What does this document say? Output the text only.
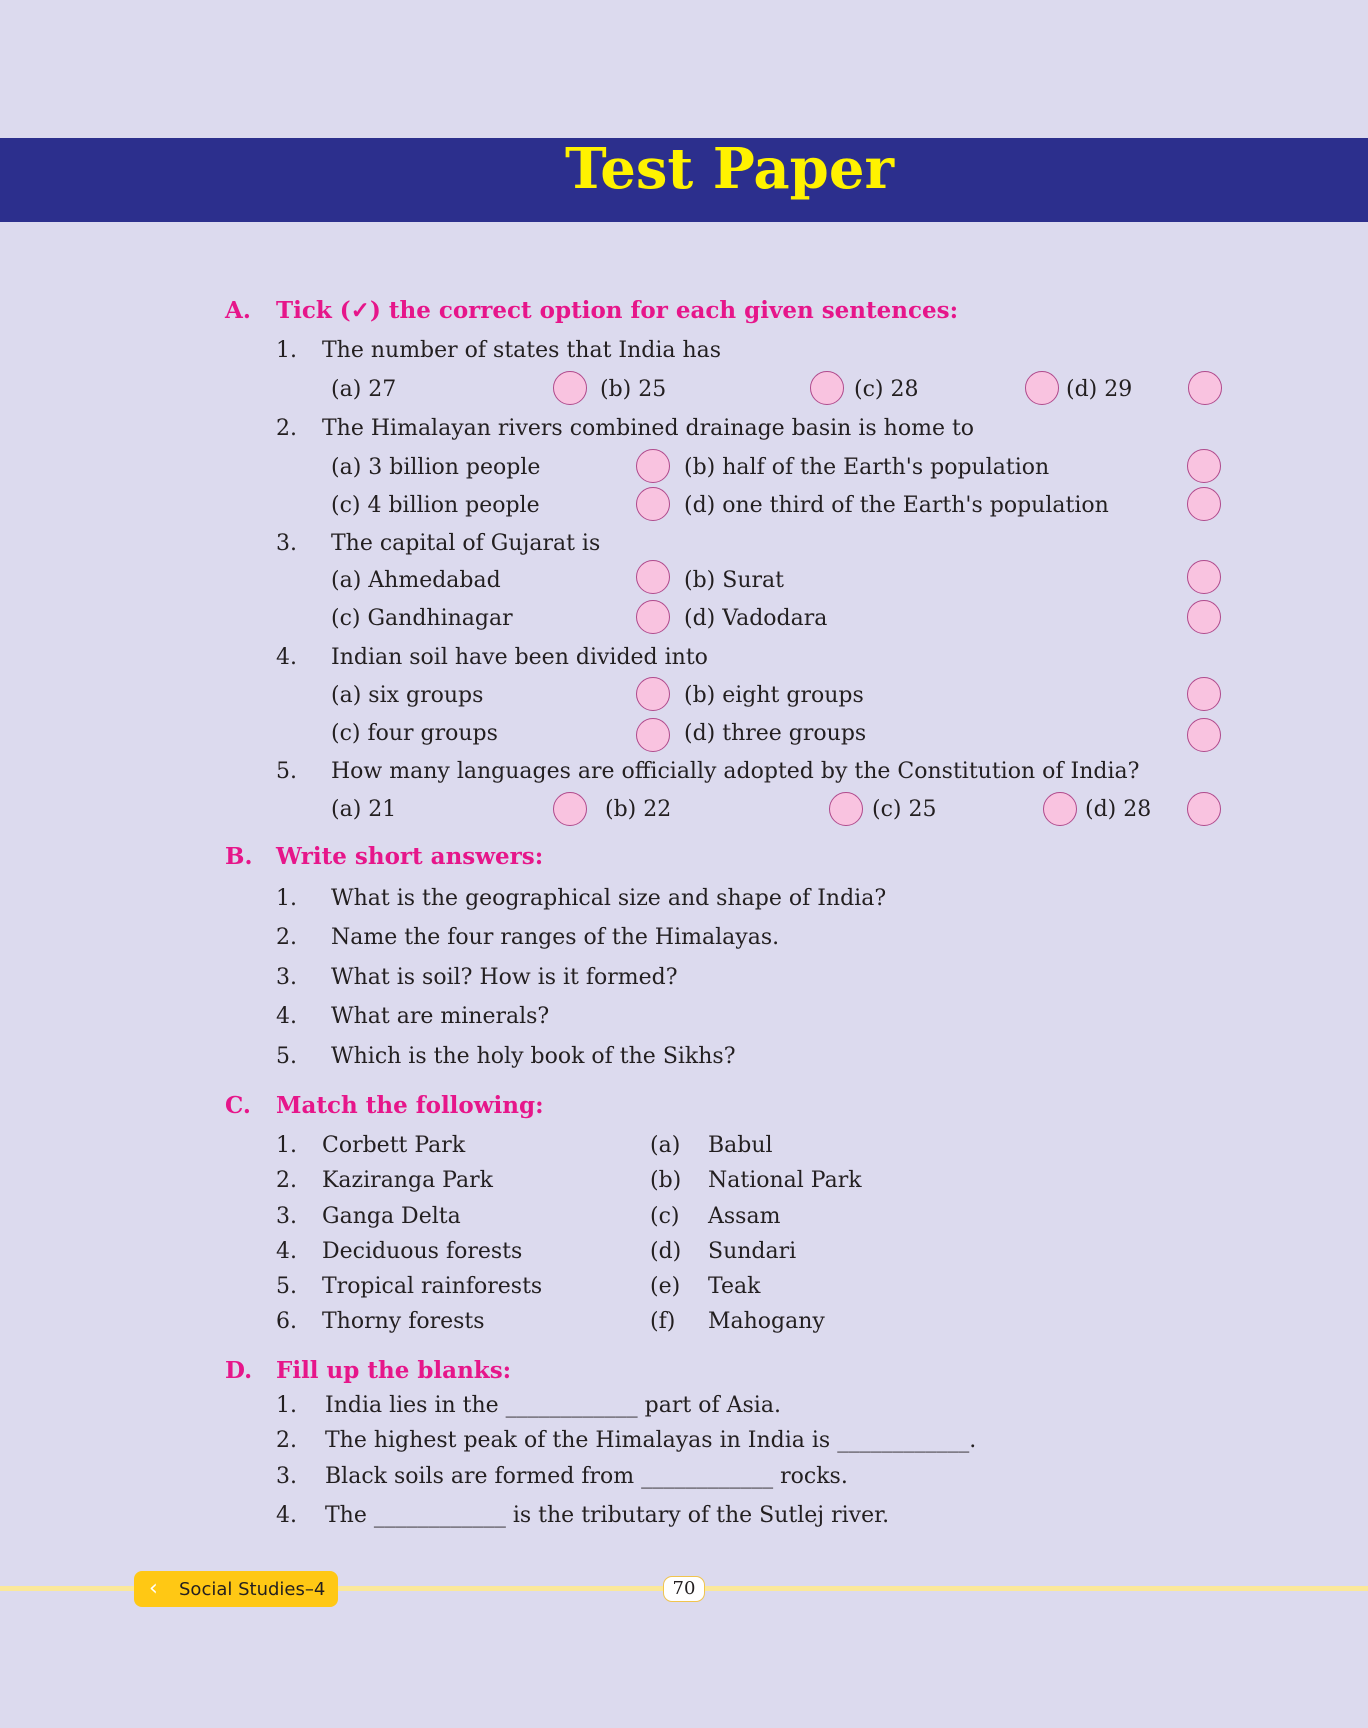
Test Paper
A. Tick (✓) the correct option for each given sentences:
1. The number of states that India has
(a) 27	(b) 25	(c) 28	(d) 29
2. The Himalayan rivers combined drainage basin is home to
(a) 3 billion people	(b) half of the Earth's population
(c) 4 billion people	(d) one third of the Earth's population
3. The capital of Gujarat is
(a) Ahmedabad	(b) Surat
(c) Gandhinagar	(d) Vadodara
4. Indian soil have been divided into
(a) six groups	(b) eight groups
(c) four groups	(d) three groups
5. How many languages are officially adopted by the Constitution of India?
(a) 21	(b) 22	(c) 25	(d) 28
B. Write short answers:
1. What is the geographical size and shape of India?
2. Name the four ranges of the Himalayas.
3. What is soil? How is it formed?
4. What are minerals?
5. Which is the holy book of the Sikhs?
C. Match the following:
1. Corbett Park	(a) Babul
2. Kaziranga Park	(b) National Park
3. Ganga Delta	(c) Assam
4. Deciduous forests	(d) Sundari
5. Tropical rainforests	(e) Teak
6. Thorny forests	(f) Mahogany
D. Fill up the blanks:
1. India lies in the ____________ part of Asia.
2. The highest peak of the Himalayas in India is ____________.
3. Black soils are formed from ____________ rocks.
4. The ____________ is the tributary of the Sutlej river.
‹ Social Studies–4	70
